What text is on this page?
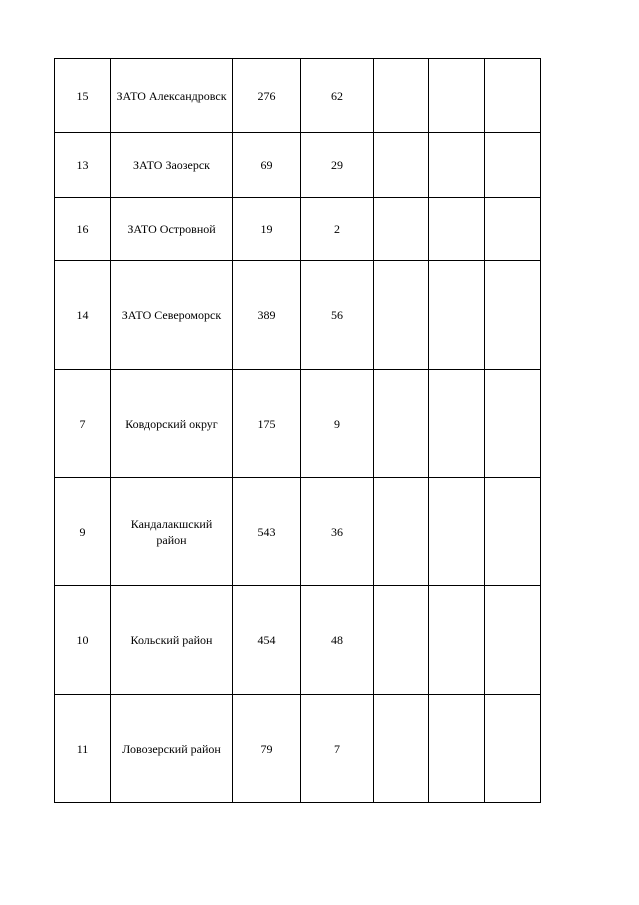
15	ЗАТО Александровск	276	62			
13	ЗАТО Заозерск	69	29			
16	ЗАТО Островной	19	2			
14	ЗАТО Североморск	389	56			
7	Ковдорский округ	175	9			
9	Кандалакшский район	543	36			
10	Кольский район	454	48			
11	Ловозерский район	79	7			
